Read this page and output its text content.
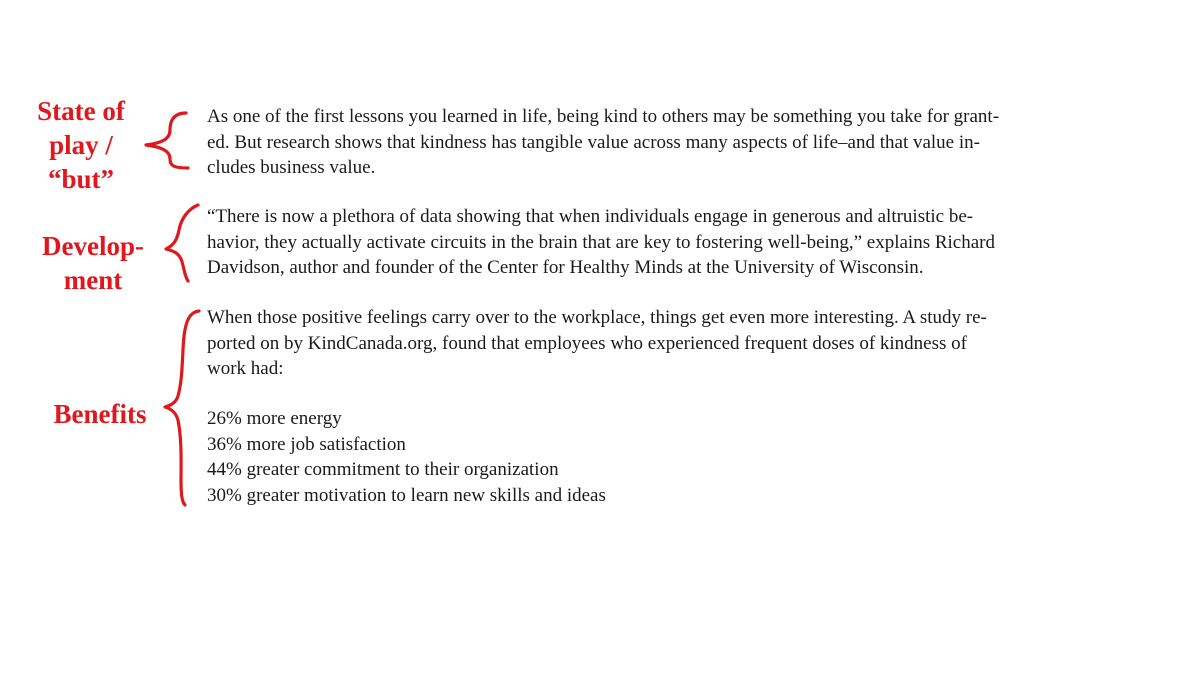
State of
play /
“but”
Develop-
ment
Benefits
As one of the first lessons you learned in life, being kind to others may be something you take for grant-
ed. But research shows that kindness has tangible value across many aspects of life–and that value in-
cludes business value.
“There is now a plethora of data showing that when individuals engage in generous and altruistic be-
havior, they actually activate circuits in the brain that are key to fostering well-being,” explains Richard
Davidson, author and founder of the Center for Healthy Minds at the University of Wisconsin.
When those positive feelings carry over to the workplace, things get even more interesting. A study re-
ported on by KindCanada.org, found that employees who experienced frequent doses of kindness of
work had:
26% more energy
36% more job satisfaction
44% greater commitment to their organization
30% greater motivation to learn new skills and ideas
